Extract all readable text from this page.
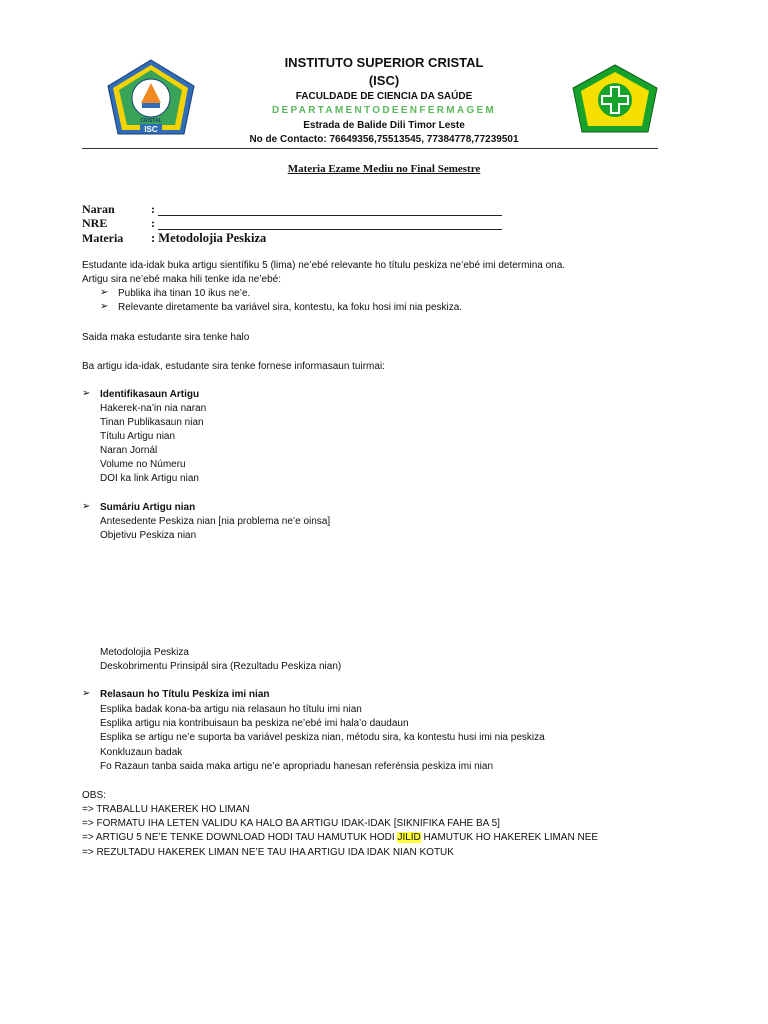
ISC
CRISTAL
INSTITUTO SUPERIOR CRISTAL
(ISC)
FACULDADE DE CIENCIA DA SAÚDE
DEPARTAMENTODEENFERMAGEM
Estrada de Balide Dili Timor Leste
No de Contacto: 76649356,75513545, 77384778,77239501
Materia Ezame Mediu no Final Semestre
Naran	:
NRE	:
Materia : Metodolojia Peskiza
Estudante ida-idak buka artigu sientífiku 5 (lima) ne’ebé relevante ho títulu peskiza ne’ebé imi determina ona.
Artigu sira ne’ebé maka hili tenke ida ne’ebé:
➢ Publika iha tinan 10 ikus ne’e.
➢ Relevante diretamente ba variável sira, kontestu, ka foku hosi imi nia peskiza.
Saida maka estudante sira tenke halo
Ba artigu ida-idak, estudante sira tenke fornese informasaun tuirmai:
➢ Identifikasaun Artigu
Hakerek-na’in nia naran
Tinan Publikasaun nian
Títulu Artigu nian
Naran Jornál
Volume no Númeru
DOI ka link Artigu nian
➢ Sumáriu Artigu nian
Antesedente Peskiza nian [nia problema ne’e oinsa]
Objetivu Peskiza nian
Metodolojia Peskiza
Deskobrimentu Prinsipál sira (Rezultadu Peskiza nian)
➢ Relasaun ho Títulu Peskiza imi nian
Esplika badak kona-ba artigu nia relasaun ho títulu imi nian
Esplika artigu nia kontribuisaun ba peskiza ne’ebé imi hala’o daudaun
Esplika se artigu ne’e suporta ba variável peskiza nian, métodu sira, ka kontestu husi imi nia peskiza
Konkluzaun badak
Fo Razaun tanba saida maka artigu ne’e apropriadu hanesan referénsia peskiza imi nian
OBS:
=> TRABALLU HAKEREK HO LIMAN
=> FORMATU IHA LETEN VALIDU KA HALO BA ARTIGU IDAK-IDAK [SIKNIFIKA FAHE BA 5]
=> ARTIGU 5 NE’E TENKE DOWNLOAD HODI TAU HAMUTUK HODI JILID HAMUTUK HO HAKEREK LIMAN NEE
=> REZULTADU HAKEREK LIMAN NE’E TAU IHA ARTIGU IDA IDAK NIAN KOTUK
